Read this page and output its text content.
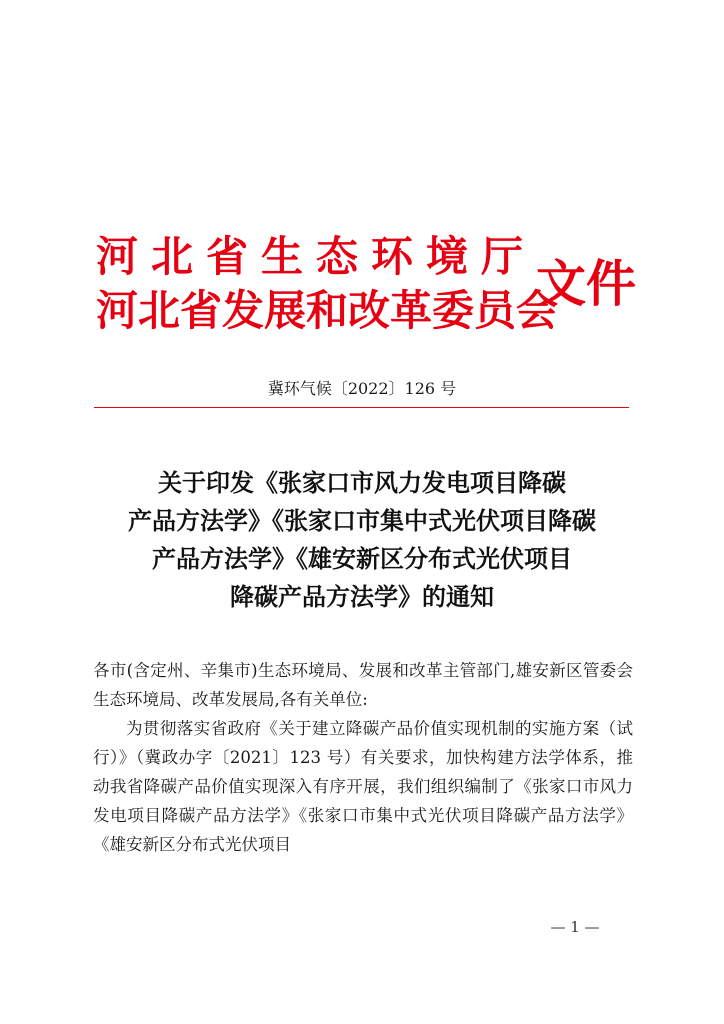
河北省生态环境厅
河北省发展和改革委员会
文件
冀环气候〔2022〕126 号
关于印发《张家口市风力发电项目降碳
产品方法学》《张家口市集中式光伏项目降碳
产品方法学》《雄安新区分布式光伏项目
降碳产品方法学》的通知

各市(含定州、辛集市)生态环境局、发展和改革主管部门,雄安新区管委会生态环境局、改革发展局,各有关单位:

为贯彻落实省政府《关于建立降碳产品价值实现机制的实施方案（试行）》（冀政办字〔2021〕123 号）有关要求，加快构建方法学体系，推动我省降碳产品价值实现深入有序开展，我们组织编制了《张家口市风力发电项目降碳产品方法学》《张家口市集中式光伏项目降碳产品方法学》《雄安新区分布式光伏项目

— 1 —
